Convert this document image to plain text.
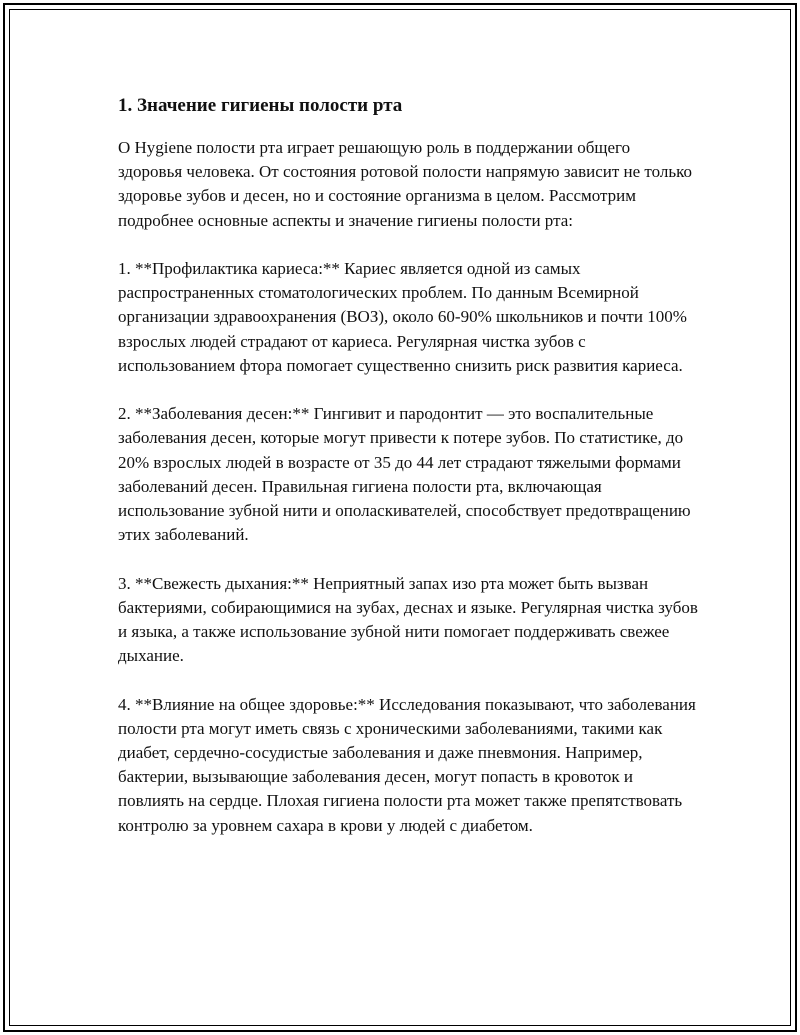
1. Значение гигиены полости рта

О Hygiene полости рта играет решающую роль в поддержании общего здоровья человека. От состояния ротовой полости напрямую зависит не только здоровье зубов и десен, но и состояние организма в целом. Рассмотрим подробнее основные аспекты и значение гигиены полости рта:

1. **Профилактика кариеса:** Кариес является одной из самых распространенных стоматологических проблем. По данным Всемирной организации здравоохранения (ВОЗ), около 60-90% школьников и почти 100% взрослых людей страдают от кариеса. Регулярная чистка зубов с использованием фтора помогает существенно снизить риск развития кариеса.

2. **Заболевания десен:** Гингивит и пародонтит — это воспалительные заболевания десен, которые могут привести к потере зубов. По статистике, до 20% взрослых людей в возрасте от 35 до 44 лет страдают тяжелыми формами заболеваний десен. Правильная гигиена полости рта, включающая использование зубной нити и ополаскивателей, способствует предотвращению этих заболеваний.

3. **Свежесть дыхания:** Неприятный запах изо рта может быть вызван бактериями, собирающимися на зубах, деснах и языке. Регулярная чистка зубов и языка, а также использование зубной нити помогает поддерживать свежее дыхание.

4. **Влияние на общее здоровье:** Исследования показывают, что заболевания полости рта могут иметь связь с хроническими заболеваниями, такими как диабет, сердечно-сосудистые заболевания и даже пневмония. Например, бактерии, вызывающие заболевания десен, могут попасть в кровоток и повлиять на сердце. Плохая гигиена полости рта может также препятствовать контролю за уровнем сахара в крови у людей с диабетом.
